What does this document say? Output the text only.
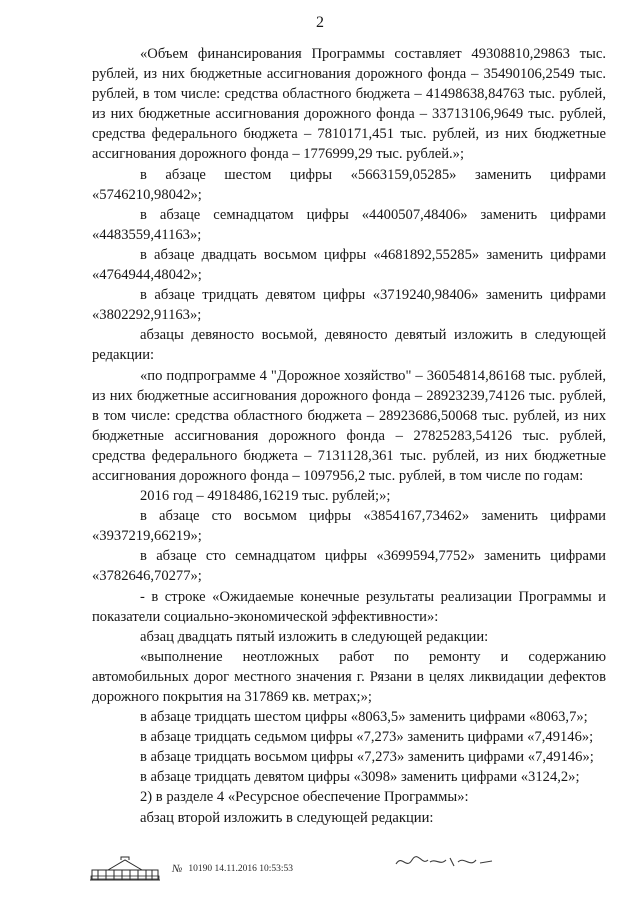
2

«Объем финансирования Программы составляет 49308810,29863 тыс. рублей, из них бюджетные ассигнования дорожного фонда – 35490106,2549 тыс. рублей, в том числе: средства областного бюджета – 41498638,84763 тыс. рублей, из них бюджетные ассигнования дорожного фонда – 33713106,9649 тыс. рублей, средства федерального бюджета – 7810171,451 тыс. рублей, из них бюджетные ассигнования дорожного фонда – 1776999,29 тыс. рублей.»;

в абзаце шестом цифры «5663159,05285» заменить цифрами «5746210,98042»;

в абзаце семнадцатом цифры «4400507,48406» заменить цифрами «4483559,41163»;

в абзаце двадцать восьмом цифры «4681892,55285» заменить цифрами «4764944,48042»;

в абзаце тридцать девятом цифры «3719240,98406» заменить цифрами «3802292,91163»;

абзацы девяносто восьмой, девяносто девятый изложить в следующей редакции:

«по подпрограмме 4 "Дорожное хозяйство" – 36054814,86168 тыс. рублей, из них бюджетные ассигнования дорожного фонда – 28923239,74126 тыс. рублей, в том числе: средства областного бюджета – 28923686,50068 тыс. рублей, из них бюджетные ассигнования дорожного фонда – 27825283,54126 тыс. рублей, средства федерального бюджета – 7131128,361 тыс. рублей, из них бюджетные ассигнования дорожного фонда – 1097956,2 тыс. рублей, в том числе по годам:

2016 год – 4918486,16219 тыс. рублей;»;

в абзаце сто восьмом цифры «3854167,73462» заменить цифрами «3937219,66219»;

в абзаце сто семнадцатом цифры «3699594,7752» заменить цифрами «3782646,70277»;

- в строке «Ожидаемые конечные результаты реализации Программы и показатели социально-экономической эффективности»:

абзац двадцать пятый изложить в следующей редакции:

«выполнение неотложных работ по ремонту и содержанию автомобильных дорог местного значения г. Рязани в целях ликвидации дефектов дорожного покрытия на 317869 кв. метрах;»;

в абзаце тридцать шестом цифры «8063,5» заменить цифрами «8063,7»;

в абзаце тридцать седьмом цифры «7,273» заменить цифрами «7,49146»;

в абзаце тридцать восьмом цифры «7,273» заменить цифрами «7,49146»;

в абзаце тридцать девятом цифры «3098» заменить цифрами «3124,2»;

2) в разделе 4 «Ресурсное обеспечение Программы»:

абзац второй изложить в следующей редакции:

№ 10190 14.11.2016 10:53:53
